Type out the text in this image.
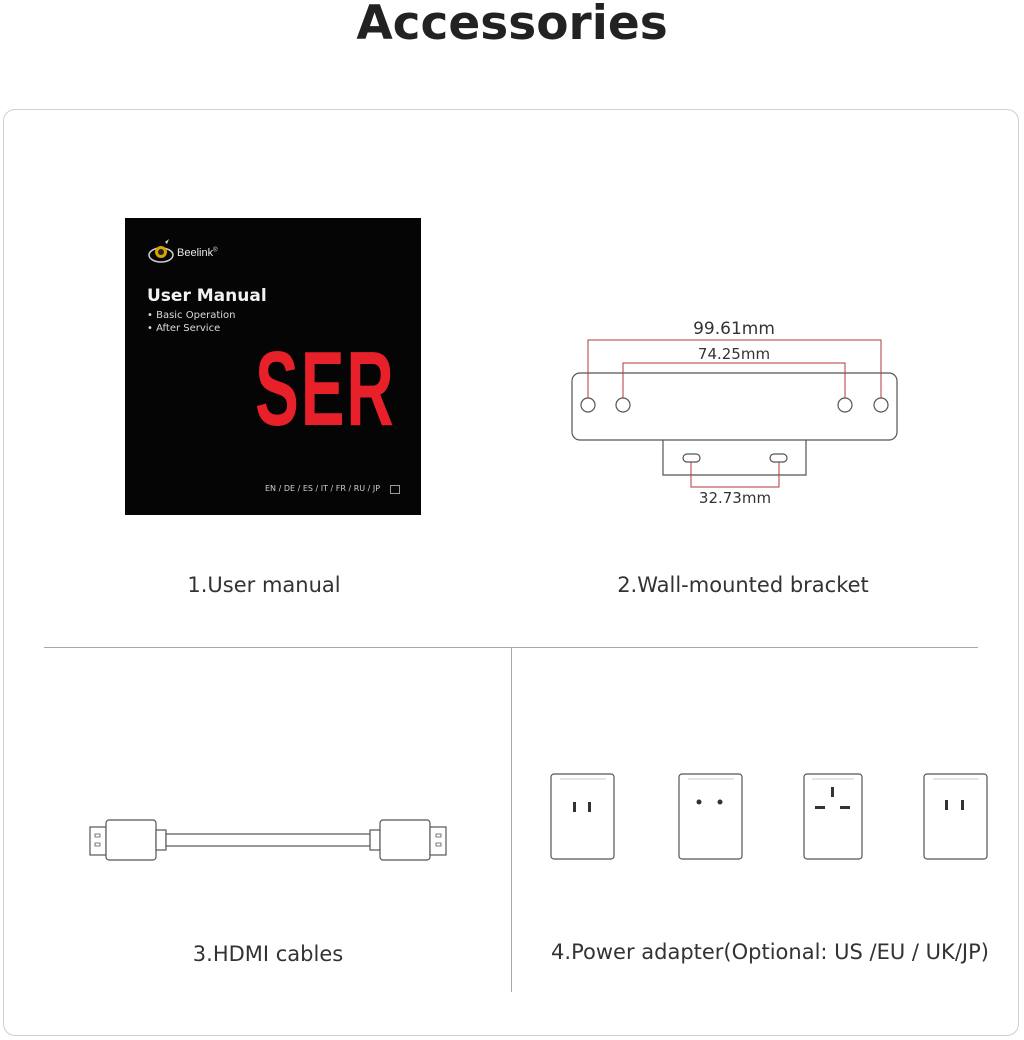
Accessories
Beelink®
User Manual
• Basic Operation
• After Service
SER
EN / DE / ES / IT / FR / RU / JP
1.User manual
99.61mm
74.25mm
32.73mm
2.Wall-mounted bracket
3.HDMI cables	4.Power adapter(Optional: US /EU / UK/JP)
